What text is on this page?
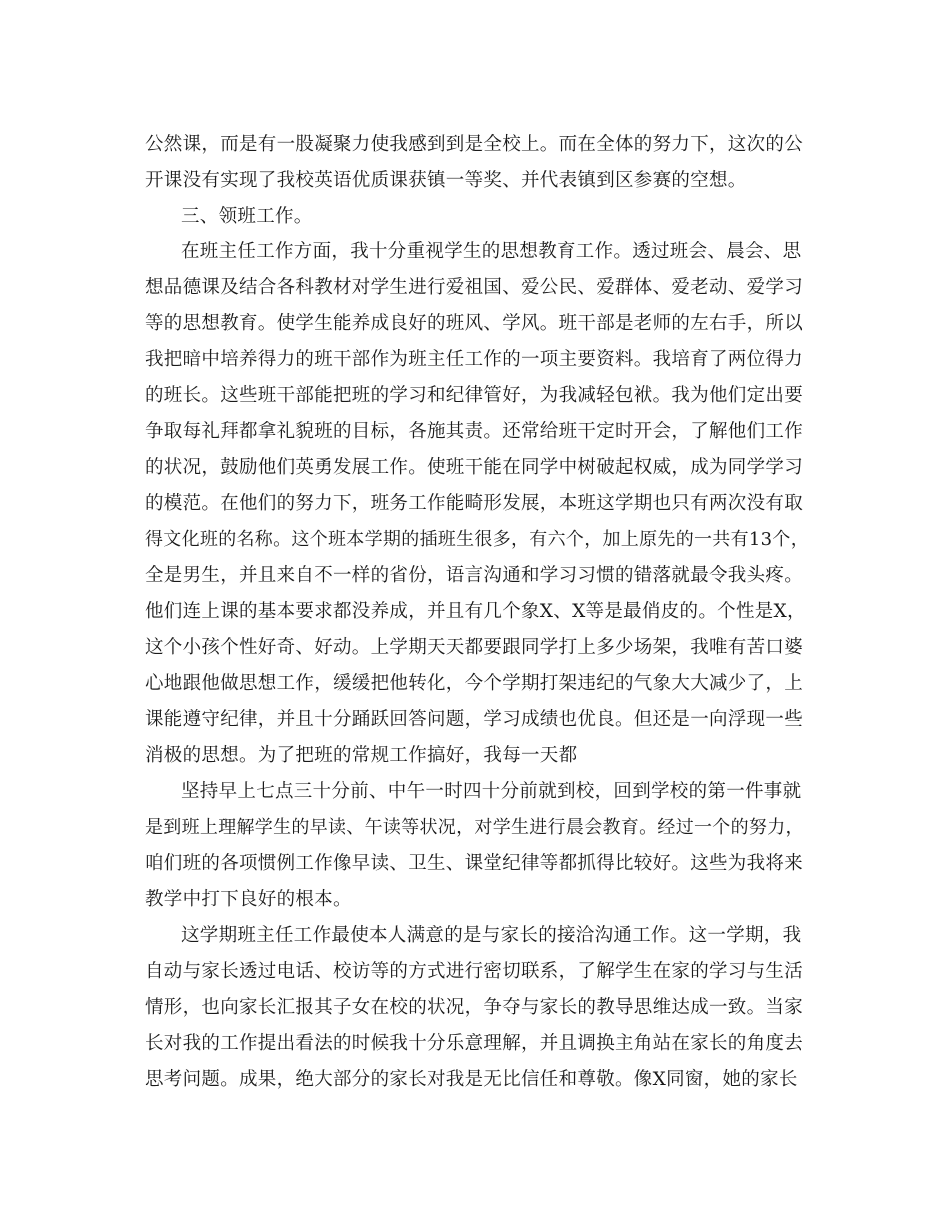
公然课，而是有一股凝聚力使我感到到是全校上。而在全体的努力下，这次的公
开课没有实现了我校英语优质课获镇一等奖、并代表镇到区参赛的空想。
三、领班工作。
在班主任工作方面，我十分重视学生的思想教育工作。透过班会、晨会、思
想品德课及结合各科教材对学生进行爱祖国、爱公民、爱群体、爱老动、爱学习
等的思想教育。使学生能养成良好的班风、学风。班干部是老师的左右手，所以
我把暗中培养得力的班干部作为班主任工作的一项主要资料。我培育了两位得力
的班长。这些班干部能把班的学习和纪律管好，为我减轻包袱。我为他们定出要
争取每礼拜都拿礼貌班的目标，各施其责。还常给班干定时开会，了解他们工作
的状况，鼓励他们英勇发展工作。使班干能在同学中树破起权威，成为同学学习
的模范。在他们的努力下，班务工作能畸形发展，本班这学期也只有两次没有取
得文化班的名称。这个班本学期的插班生很多，有六个，加上原先的一共有13个，
全是男生，并且来自不一样的省份，语言沟通和学习习惯的错落就最令我头疼。
他们连上课的基本要求都没养成，并且有几个象X、X等是最俏皮的。个性是X，
这个小孩个性好奇、好动。上学期天天都要跟同学打上多少场架，我唯有苦口婆
心地跟他做思想工作，缓缓把他转化，今个学期打架违纪的气象大大减少了，上
课能遵守纪律，并且十分踊跃回答问题，学习成绩也优良。但还是一向浮现一些
消极的思想。为了把班的常规工作搞好，我每一天都
坚持早上七点三十分前、中午一时四十分前就到校，回到学校的第一件事就
是到班上理解学生的早读、午读等状况，对学生进行晨会教育。经过一个的努力，
咱们班的各项惯例工作像早读、卫生、课堂纪律等都抓得比较好。这些为我将来
教学中打下良好的根本。
这学期班主任工作最使本人满意的是与家长的接洽沟通工作。这一学期，我
自动与家长透过电话、校访等的方式进行密切联系，了解学生在家的学习与生活
情形，也向家长汇报其子女在校的状况，争夺与家长的教导思维达成一致。当家
长对我的工作提出看法的时候我十分乐意理解，并且调换主角站在家长的角度去
思考问题。成果，绝大部分的家长对我是无比信任和尊敬。像X同窗，她的家长
